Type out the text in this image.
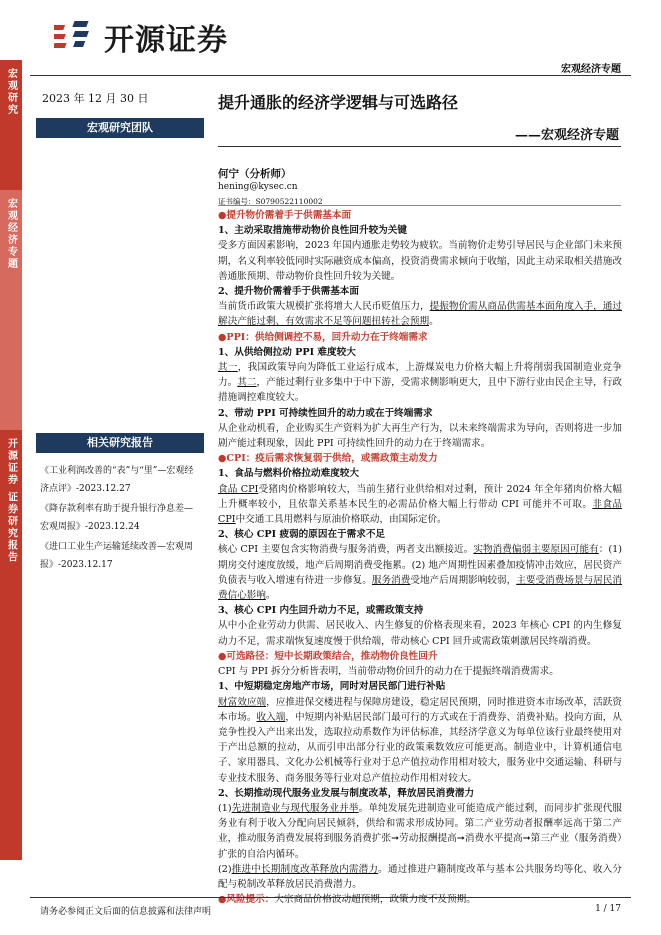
开源证券
宏观经济专题
宏观研究
宏观经济专题
开源证券 证券研究报告
2023 年 12 月 30 日
宏观研究团队
相关研究报告
《工业利润改善的“表”与“里”—宏观经济点评》-2023.12.27
《降存款利率有助于提升银行净息差—宏观周报》-2023.12.24
《进口工业生产运输延续改善—宏观周报》-2023.12.17
提升通胀的经济学逻辑与可选路径
——宏观经济专题
何宁（分析师）
hening@kysec.cn
证书编号：S0790522110002
● 提升物价需着手于供需基本面
1、主动采取措施带动物价良性回升较为关键
受多方面因素影响，2023 年国内通胀走势较为疲软。当前物价走势引导居民与企业部门未来预期，名义利率较低同时实际融资成本偏高，投资消费需求倾向于收缩，因此主动采取相关措施改善通胀预期、带动物价良性回升较为关键。
2、提升物价需着手于供需基本面
当前货币政策大规模扩张将增大人民币贬值压力，提振物价需从商品供需基本面角度入手，通过解决产能过剩、有效需求不足等问题扭转社会预期。
● PPI：供给侧调控不易，回升动力在于终端需求
1、从供给侧拉动 PPI 难度较大
其一，我国政策导向为降低工业运行成本，上游煤炭电力价格大幅上升将削弱我国制造业竞争力。其二，产能过剩行业多集中于中下游，受需求侧影响更大，且中下游行业由民企主导，行政措施调控难度较大。
2、带动 PPI 可持续性回升的动力或在于终端需求
从企业动机看，企业购买生产资料为扩大再生产行为，以未来终端需求为导向，否则将进一步加剧产能过剩现象，因此 PPI 可持续性回升的动力在于终端需求。
● CPI：疫后需求恢复弱于供给，或需政策主动发力
1、食品与燃料价格拉动难度较大
食品 CPI受猪肉价格影响较大，当前生猪行业供给相对过剩，预计 2024 年全年猪肉价格大幅上升概率较小，且依靠关系基本民生的必需品价格大幅上行带动 CPI 可能并不可取。非食品 CPI中交通工具用燃料与原油价格联动，由国际定价。
2、核心 CPI 疲弱的原因在于需求不足
核心 CPI 主要包含实物消费与服务消费，两者支出额接近。实物消费偏弱主要原因可能有：(1) 期房交付速度放缓，地产后周期消费受拖累。(2) 地产周期性因素叠加疫情冲击效应，居民资产负债表与收入增速有待进一步修复。服务消费受地产后周期影响较弱，主要受消费场景与居民消费信心影响。
3、核心 CPI 内生回升动力不足，或需政策支持
从中小企业劳动力供需、居民收入、内生修复的价格表现来看，2023 年核心 CPI 的内生修复动力不足，需求端恢复速度慢于供给端，带动核心 CPI 回升或需政策刺激居民终端消费。
● 可选路径：短中长期政策结合，推动物价良性回升
CPI 与 PPI 拆分分析皆表明，当前带动物价回升的动力在于提振终端消费需求。
1、中短期稳定房地产市场，同时对居民部门进行补贴
财富效应端，应推进保交楼进程与保障房建设，稳定居民预期，同时推进资本市场改革，活跃资本市场。收入端，中短期内补贴居民部门最可行的方式或在于消费券、消费补贴。投向方面，从竞争性投入产出来出发，选取拉动系数作为评估标准，其经济学意义为每单位该行业最终使用对于产出总额的拉动，从而引申出部分行业的政策乘数效应可能更高。制造业中，计算机通信电子、家用器具、文化办公机械等行业对于总产值拉动作用相对较大，服务业中交通运输、科研与专业技术服务、商务服务等行业对总产值拉动作用相对较大。
2、长期推动现代服务业发展与制度改革，释放居民消费潜力
(1)先进制造业与现代服务业并举。单纯发展先进制造业可能造成产能过剩，而同步扩张现代服务业有利于收入分配向居民倾斜，供给和需求形成协同。第二产业劳动者报酬率远高于第二产业，推动服务消费发展将到服务消费扩张➞劳动报酬提高➞消费水平提高➞第三产业（服务消费）扩张的自洽内循环。
(2)推进中长期制度改革释放内需潜力。通过推进户籍制度改革与基本公共服务均等化、收入分配与税制改革释放居民消费潜力。
● 风险提示：大宗商品价格波动超预期，政策力度不及预期。
请务必参阅正文后面的信息披露和法律声明	1 / 17
